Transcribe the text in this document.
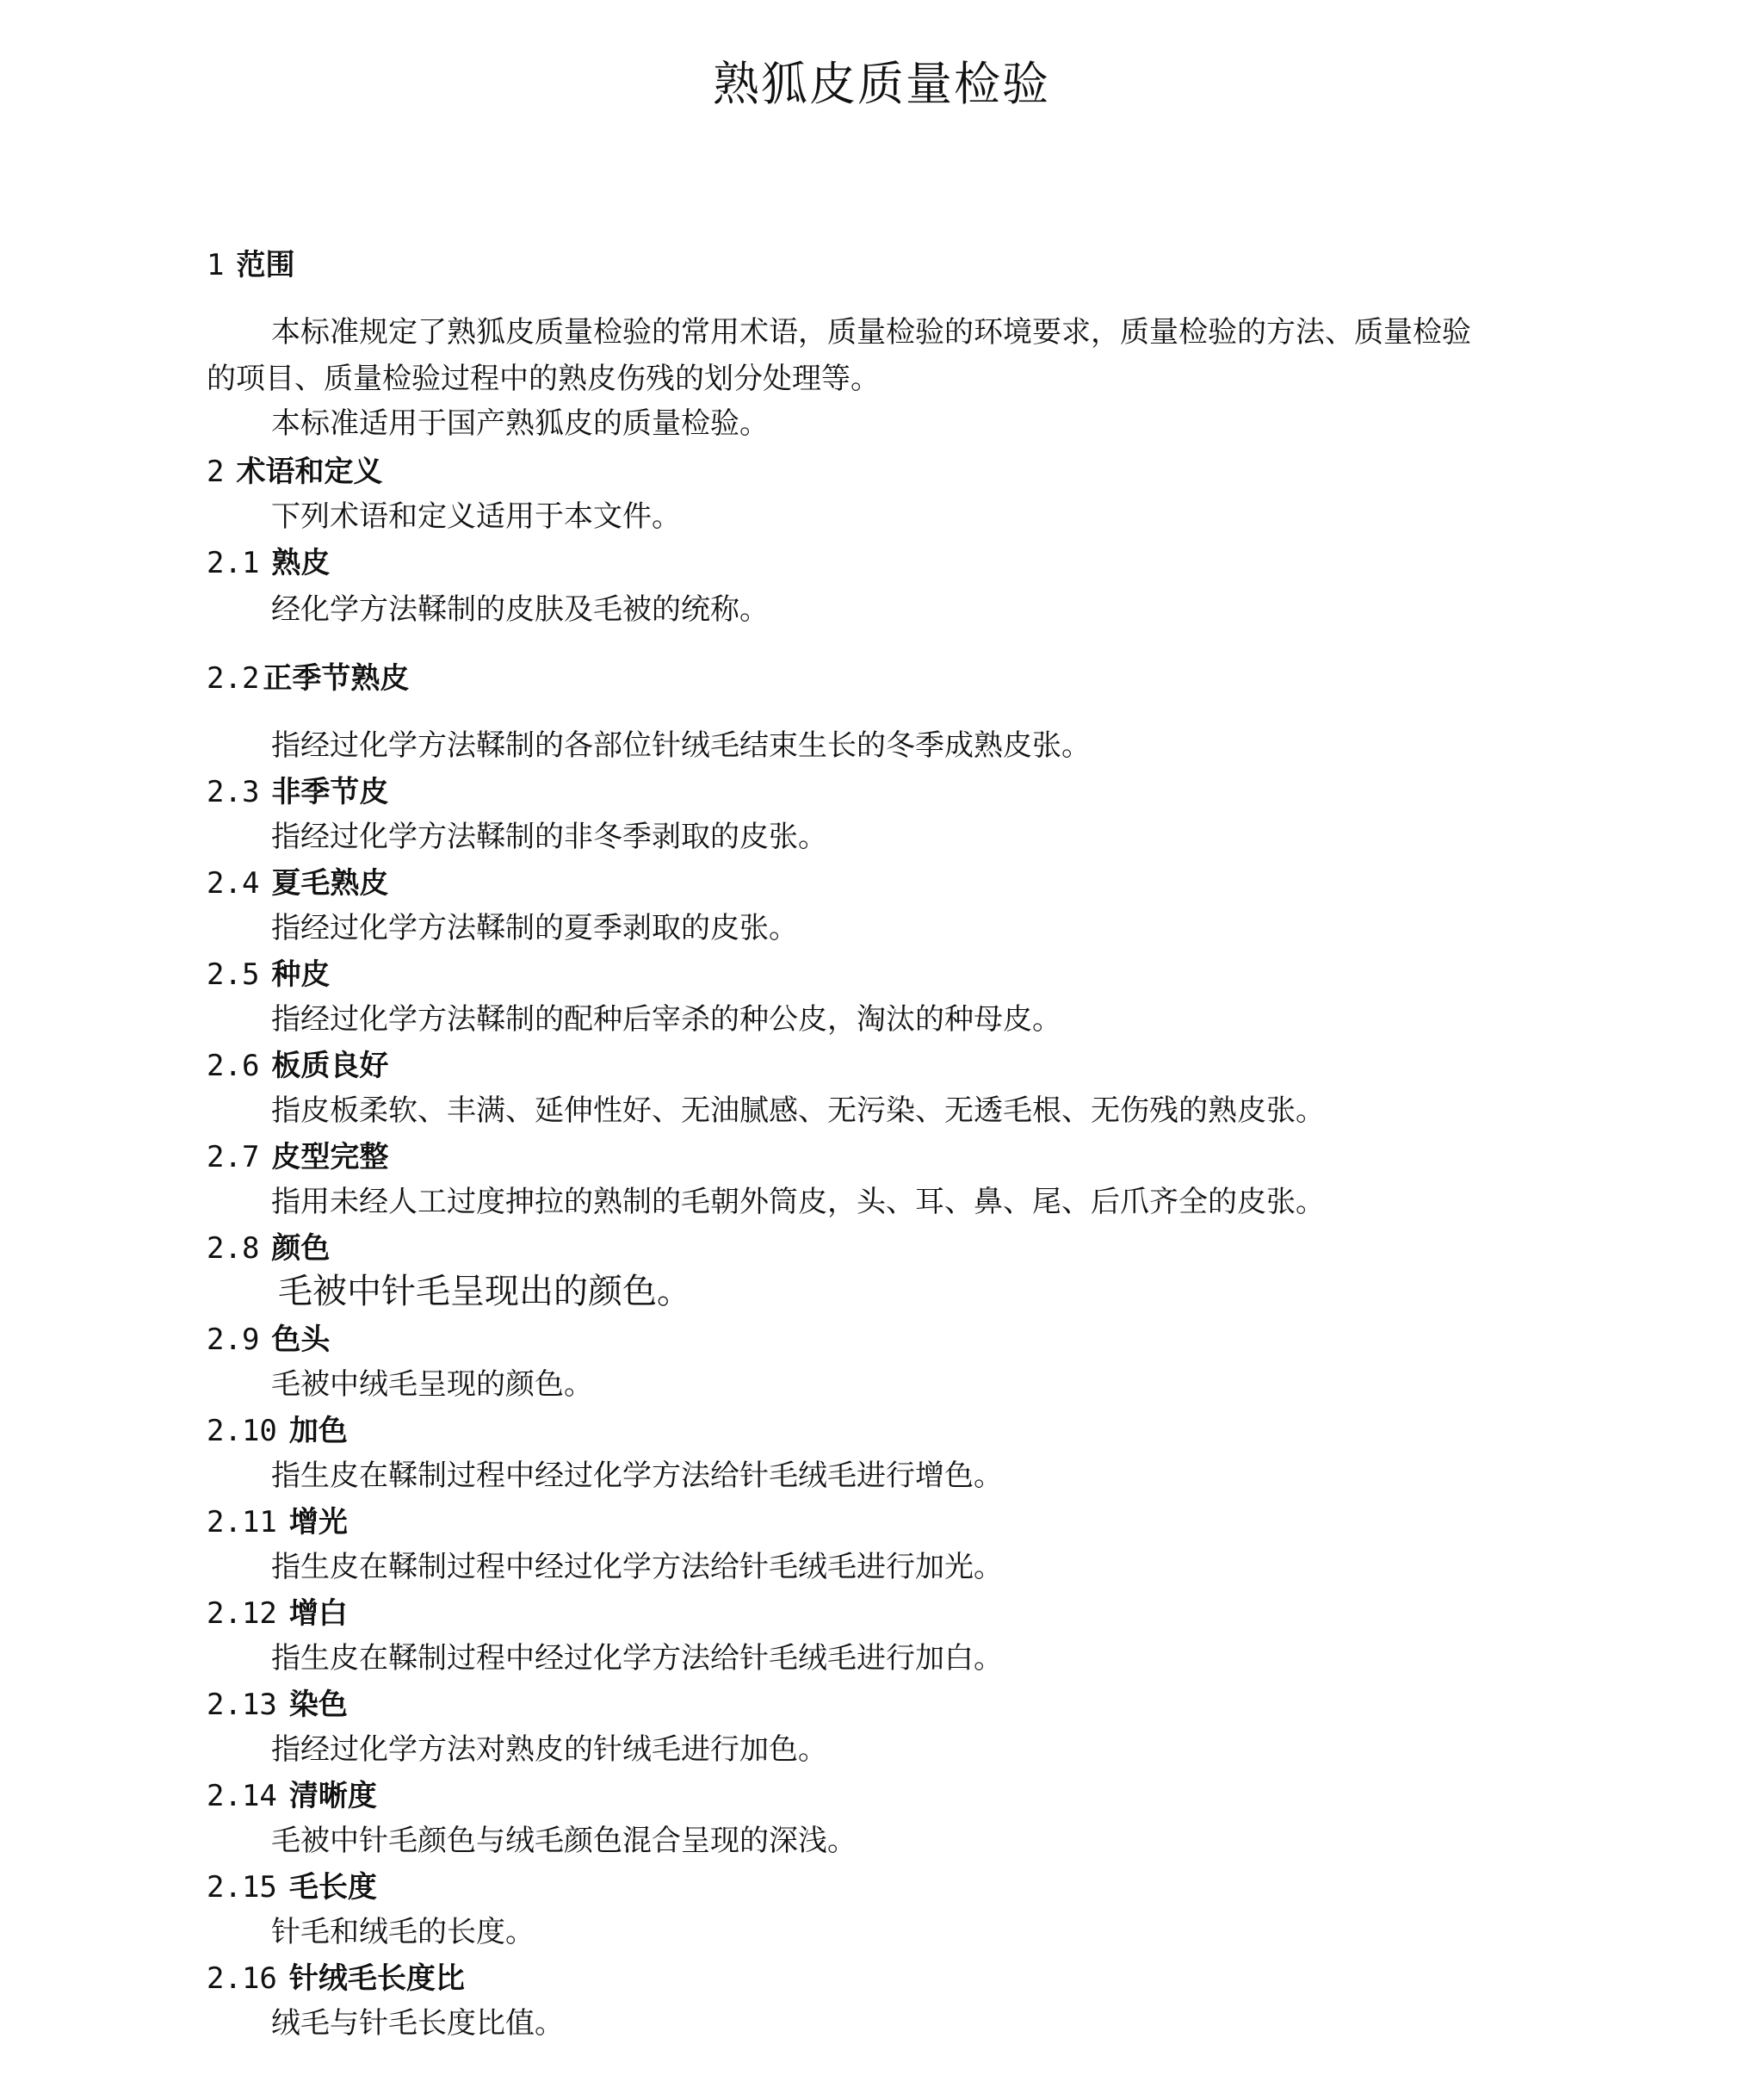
熟狐皮质量检验
1 范围

本标准规定了熟狐皮质量检验的常用术语，质量检验的环境要求，质量检验的方法、质量检验

的项目、质量检验过程中的熟皮伤残的划分处理等。

本标准适用于国产熟狐皮的质量检验。

2 术语和定义

下列术语和定义适用于本文件。

2.1 熟皮

经化学方法鞣制的皮肤及毛被的统称。

2.2 正季节熟皮

指经过化学方法鞣制的各部位针绒毛结束生长的冬季成熟皮张。

2.3 非季节皮

指经过化学方法鞣制的非冬季剥取的皮张。

2.4 夏毛熟皮

指经过化学方法鞣制的夏季剥取的皮张。

2.5 种皮

指经过化学方法鞣制的配种后宰杀的种公皮，淘汰的种母皮。

2.6 板质良好

指皮板柔软、丰满、延伸性好、无油腻感、无污染、无透毛根、无伤残的熟皮张。

2.7 皮型完整

指用未经人工过度抻拉的熟制的毛朝外筒皮，头、耳、鼻、尾、后爪齐全的皮张。

2.8 颜色

毛被中针毛呈现出的颜色。

2.9 色头

毛被中绒毛呈现的颜色。

2.10 加色

指生皮在鞣制过程中经过化学方法给针毛绒毛进行增色。

2.11 增光

指生皮在鞣制过程中经过化学方法给针毛绒毛进行加光。

2.12 增白

指生皮在鞣制过程中经过化学方法给针毛绒毛进行加白。

2.13 染色

指经过化学方法对熟皮的针绒毛进行加色。

2.14 清晰度

毛被中针毛颜色与绒毛颜色混合呈现的深浅。

2.15 毛长度

针毛和绒毛的长度。

2.16 针绒毛长度比

绒毛与针毛长度比值。
